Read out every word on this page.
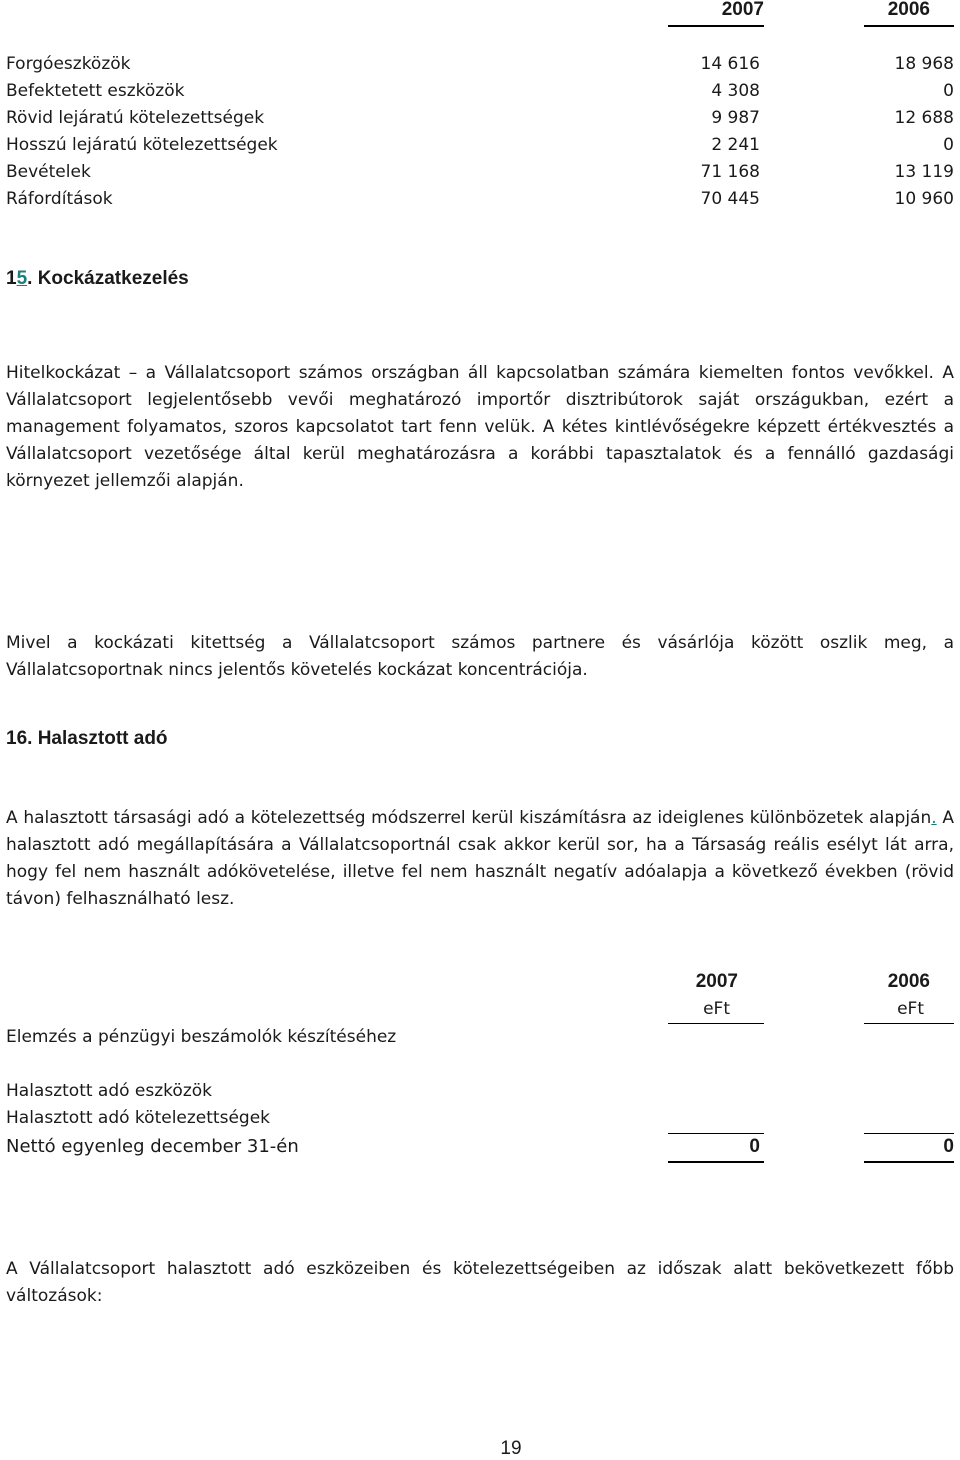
2007	2006
Forgóeszközök	14 616	18 968
Befektetett eszközök	4 308	0
Rövid lejáratú kötelezettségek	9 987	12 688
Hosszú lejáratú kötelezettségek	2 241	0
Bevételek	71 168	13 119
Ráfordítások	70 445	10 960
15. Kockázatkezelés
Hitelkockázat – a Vállalatcsoport számos országban áll kapcsolatban számára kiemelten fontos vevőkkel. A Vállalatcsoport legjelentősebb vevői meghatározó importőr disztribútorok saját országukban, ezért a management folyamatos, szoros kapcsolatot tart fenn velük. A kétes kintlévőségekre képzett értékvesztés a Vállalatcsoport vezetősége által kerül meghatározásra a korábbi tapasztalatok és a fennálló gazdasági környezet jellemzői alapján.
Mivel a kockázati kitettség a Vállalatcsoport számos partnere és vásárlója között oszlik meg, a Vállalatcsoportnak nincs jelentős követelés kockázat koncentrációja.
16. Halasztott adó
A halasztott társasági adó a kötelezettség módszerrel kerül kiszámításra az ideiglenes különbözetek alapján. A halasztott adó megállapítására a Vállalatcsoportnál csak akkor kerül sor, ha a Társaság reális esélyt lát arra, hogy fel nem használt adókövetelése, illetve fel nem használt negatív adóalapja a következő években (rövid távon) felhasználható lesz.
2007	2006
eFt	eFt
Elemzés a pénzügyi beszámolók készítéséhez
Halasztott adó eszközök
Halasztott adó kötelezettségek
Nettó egyenleg december 31-én	0	0
A Vállalatcsoport halasztott adó eszközeiben és kötelezettségeiben az időszak alatt bekövetkezett főbb változások:
19
